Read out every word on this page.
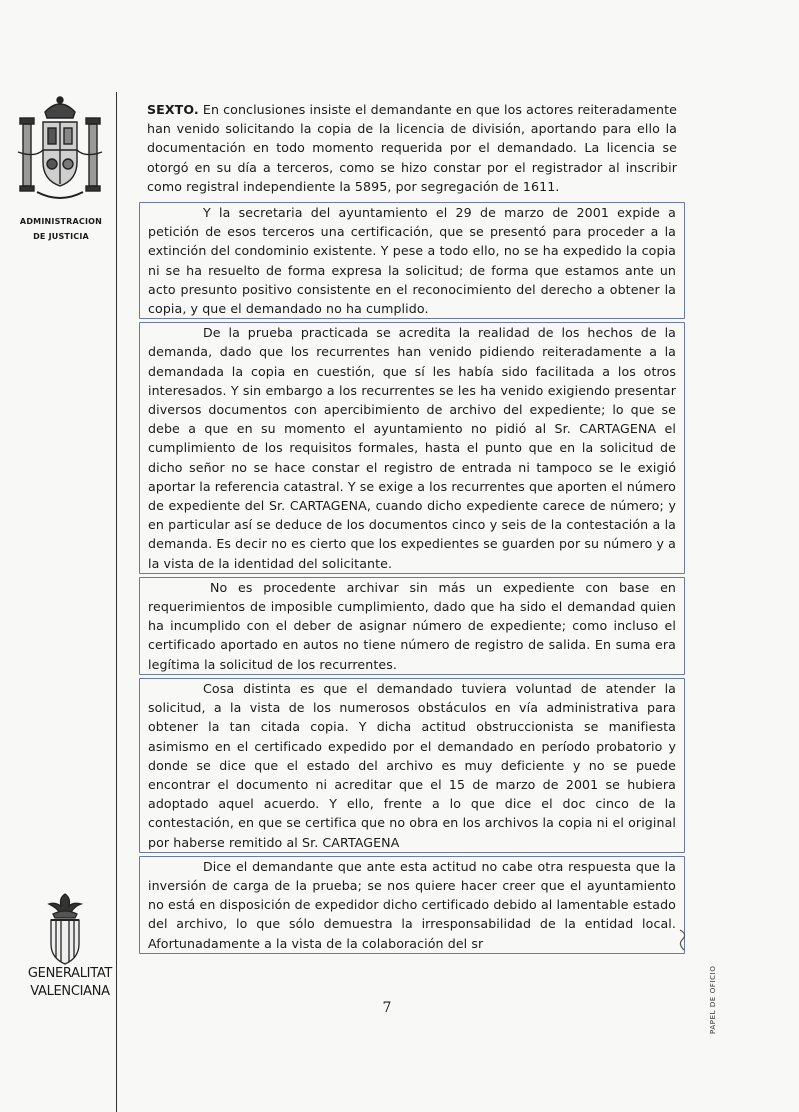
ADMINISTRACION
DE JUSTICIA
GENERALITAT
VALENCIANA

SEXTO. En conclusiones insiste el demandante en que los actores reiteradamente han venido solicitando la copia de la licencia de división, aportando para ello la documentación en todo momento requerida por el demandado. La licencia se otorgó en su día a terceros, como se hizo constar por el registrador al inscribir como registral independiente la 5895, por segregación de 1611.

Y la secretaria del ayuntamiento el 29 de marzo de 2001 expide a petición de esos terceros una certificación, que se presentó para proceder a la extinción del condominio existente. Y pese a todo ello, no se ha expedido la copia ni se ha resuelto de forma expresa la solicitud; de forma que estamos ante un acto presunto positivo consistente en el reconocimiento del derecho a obtener la copia, y que el demandado no ha cumplido.

De la prueba practicada se acredita la realidad de los hechos de la demanda, dado que los recurrentes han venido pidiendo reiteradamente a la demandada la copia en cuestión, que sí les había sido facilitada a los otros interesados. Y sin embargo a los recurrentes se les ha venido exigiendo presentar diversos documentos con apercibimiento de archivo del expediente; lo que se debe a que en su momento el ayuntamiento no pidió al Sr. CARTAGENA el cumplimiento de los requisitos formales, hasta el punto que en la solicitud de dicho señor no se hace constar el registro de entrada ni tampoco se le exigió aportar la referencia catastral. Y se exige a los recurrentes que aporten el número de expediente del Sr. CARTAGENA, cuando dicho expediente carece de número; y en particular así se deduce de los documentos cinco y seis de la contestación a la demanda. Es decir no es cierto que los expedientes se guarden por su número y a la vista de la identidad del solicitante.

No es procedente archivar sin más un expediente con base en requerimientos de imposible cumplimiento, dado que ha sido el demandad quien ha incumplido con el deber de asignar número de expediente; como incluso el certificado aportado en autos no tiene número de registro de salida. En suma era legítima la solicitud de los recurrentes.

Cosa distinta es que el demandado tuviera voluntad de atender la solicitud, a la vista de los numerosos obstáculos en vía administrativa para obtener la tan citada copia. Y dicha actitud obstruccionista se manifiesta asimismo en el certificado expedido por el demandado en período probatorio y donde se dice que el estado del archivo es muy deficiente y no se puede encontrar el documento ni acreditar que el 15 de marzo de 2001 se hubiera adoptado aquel acuerdo. Y ello, frente a lo que dice el doc cinco de la contestación, en que se certifica que no obra en los archivos la copia ni el original por haberse remitido al Sr. CARTAGENA

Dice el demandante que ante esta actitud no cabe otra respuesta que la inversión de carga de la prueba; se nos quiere hacer creer que el ayuntamiento no está en disposición de expedidor dicho certificado debido al lamentable estado del archivo, lo que sólo demuestra la irresponsabilidad de la entidad local. Afortunadamente a la vista de la colaboración del sr

7	PAPEL DE OFICIO
